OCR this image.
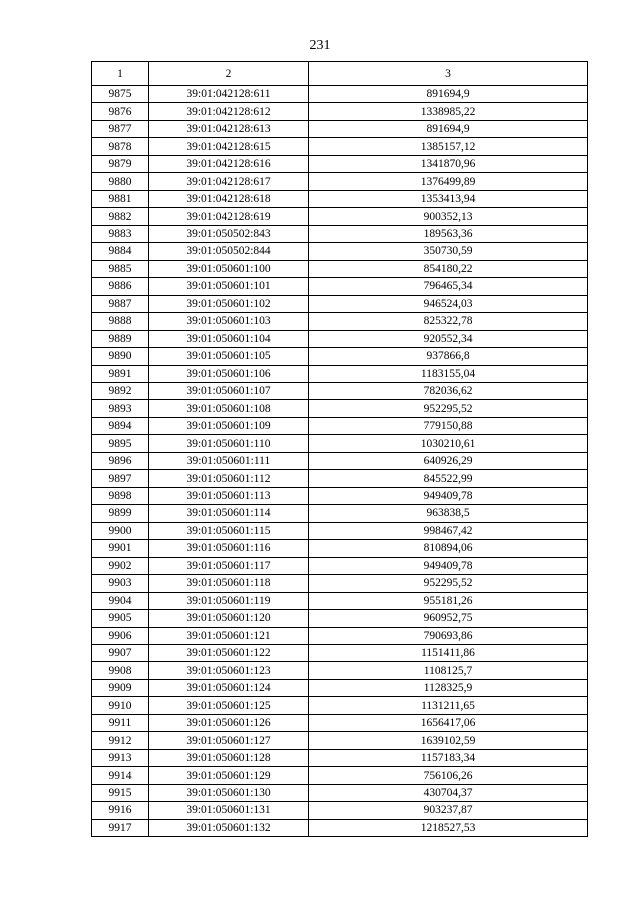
231
1	2	3
9875	39:01:042128:611	891694,9
9876	39:01:042128:612	1338985,22
9877	39:01:042128:613	891694,9
9878	39:01:042128:615	1385157,12
9879	39:01:042128:616	1341870,96
9880	39:01:042128:617	1376499,89
9881	39:01:042128:618	1353413,94
9882	39:01:042128:619	900352,13
9883	39:01:050502:843	189563,36
9884	39:01:050502:844	350730,59
9885	39:01:050601:100	854180,22
9886	39:01:050601:101	796465,34
9887	39:01:050601:102	946524,03
9888	39:01:050601:103	825322,78
9889	39:01:050601:104	920552,34
9890	39:01:050601:105	937866,8
9891	39:01:050601:106	1183155,04
9892	39:01:050601:107	782036,62
9893	39:01:050601:108	952295,52
9894	39:01:050601:109	779150,88
9895	39:01:050601:110	1030210,61
9896	39:01:050601:111	640926,29
9897	39:01:050601:112	845522,99
9898	39:01:050601:113	949409,78
9899	39:01:050601:114	963838,5
9900	39:01:050601:115	998467,42
9901	39:01:050601:116	810894,06
9902	39:01:050601:117	949409,78
9903	39:01:050601:118	952295,52
9904	39:01:050601:119	955181,26
9905	39:01:050601:120	960952,75
9906	39:01:050601:121	790693,86
9907	39:01:050601:122	1151411,86
9908	39:01:050601:123	1108125,7
9909	39:01:050601:124	1128325,9
9910	39:01:050601:125	1131211,65
9911	39:01:050601:126	1656417,06
9912	39:01:050601:127	1639102,59
9913	39:01:050601:128	1157183,34
9914	39:01:050601:129	756106,26
9915	39:01:050601:130	430704,37
9916	39:01:050601:131	903237,87
9917	39:01:050601:132	1218527,53
